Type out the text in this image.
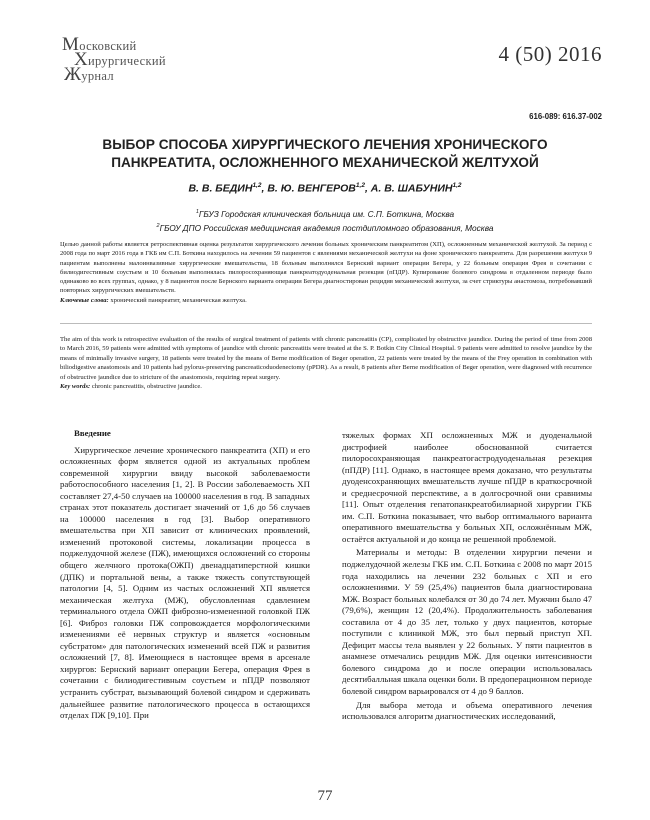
Московский
Хирургический
Журнал
4 (50) 2016
616-089: 616.37-002
ВЫБОР СПОСОБА ХИРУРГИЧЕСКОГО ЛЕЧЕНИЯ ХРОНИЧЕСКОГО ПАНКРЕАТИТА, ОСЛОЖНЕННОГО МЕХАНИЧЕСКОЙ ЖЕЛТУХОЙ
В. В. БЕДИН$^{1,2}$, В. Ю. ВЕНГЕРОВ$^{1,2}$, А. В. ШАБУНИН$^{1,2}$
$^1$ГБУЗ Городская клиническая больница им. С.П. Боткина, Москва
$^2$ГБОУ ДПО Российская медицинская академия постдипломного образования, Москва

Целью данной работы является ретроспективная оценка результатов хирургического лечения больных хроническим панкреатитом (ХП), осложненным механической желтухой. За период с 2008 года по март 2016 года в ГКБ им С.П. Боткина находилось на лечении 59 пациентов с явлениями механической желтухи на фоне хронического панкреатита. Для разрешения желтухи 9 пациентам выполнены малоинвазивные хирургические вмешательства, 18 больным выполнялся Бернский вариант операции Бегера, у 22 больным операция Фрея в сочетании с билиодигестивным соустьем и 10 больным выполнялась пилоросохраняющая панкреатодуоденальная резекция (пПДР). Купирование болевого синдрома в отдаленном периоде было одинаково во всех группах, однако, у 8 пациентов после Бернского варианта операции Бегера диагностирован рецидив механической желтухи, за счет стриктуры анастомоза, потребовавший повторных хирургических вмешательств.
Ключевые слова: хронический панкреатит, механическая желтуха.

The aim of this work is retrospective evaluation of the results of surgical treatment of patients with chronic pancreatitis (CP), complicated by obstructive jaundice. During the period of time from 2008 to March 2016, 59 patients were admitted with symptoms of jaundice with chronic pancreatitis were treated at the S. P. Botkin City Clinical Hospital. 9 patients were admitted to resolve jaundice by the means of minimally invasive surgery, 18 patients were treated by the means of Berne modification of Beger operation, 22 patients were treated by the means of the Frey operation in combination with biliodigestive anastomosis and 10 patients had pylorus-preserving pancreaticoduodenectomy (pPDR). As a result, 8 patients after Berne modification of Beger operation, were diagnosed with recurrence of obstructive jaundice due to stricture of the anastomosis, requiring repeat surgery.
Key words: chronic pancreatitis, obstructive jaundice.

Введение

Хирургическое лечение хронического панкреатита (ХП) и его осложненных форм является одной из актуальных проблем современной хирургии ввиду высокой заболеваемости работоспособного населения [1, 2]. В России заболеваемость ХП составляет 27,4-50 случаев на 100000 населения в год. В западных странах этот показатель достигает значений от 1,6 до 56 случаев на 100000 населения в год [3]. Выбор оперативного вмешательства при ХП зависит от клинических проявлений, изменений протоковой системы, локализации процесса в поджелудочной железе (ПЖ), имеющихся осложнений со стороны общего желчного протока(ОЖП) двенадцатиперстной кишки (ДПК) и портальной вены, а также тяжесть сопутствующей патологии [4, 5]. Одним из частых осложнений ХП является механическая желтуха (МЖ), обусловленная сдавлением терминального отдела ОЖП фиброзно-измененной головкой ПЖ [6]. Фиброз головки ПЖ сопровождается морфологическими изменениями её нервных структур и является «основным субстратом» для патологических изменений всей ПЖ и развития осложнений [7, 8]. Имеющиеся в настоящее время в арсенале хирургов: Бернский вариант операции Бегера, операция Фрея в сочетании с билиодигестивным соустьем и пПДР позволяют устранить субстрат, вызывающий болевой синдром и сдерживать дальнейшее развитие патологического процесса в остающихся отделах ПЖ [9,10]. При

тяжелых формах ХП осложненных МЖ и дуоденальной дистрофией наиболее обоснованной считается пилоросохраняющая панкреатогастродуоденальная резекция (пПДР) [11]. Однако, в настоящее время доказано, что результаты дуоденсохраняющих вмешательств лучше пПДР в краткосрочной и среднесрочной перспективе, а в долгосрочной они сравнимы [11]. Опыт отделения гепатопанкреатобилиарной хирургии ГКБ им. С.П. Боткина показывает, что выбор оптимального варианта оперативного вмешательства у больных ХП, осложнённым МЖ, остаётся актуальной и до конца не решенной проблемой.

Материалы и методы: В отделении хирургии печени и поджелудочной железы ГКБ им. С.П. Боткина с 2008 по март 2015 года находились на лечении 232 больных с ХП и его осложнениями. У 59 (25,4%) пациентов была диагностирована МЖ. Возраст больных колебался от 30 до 74 лет. Мужчин было 47 (79,6%), женщин 12 (20,4%). Продолжительность заболевания составила от 4 до 35 лет, только у двух пациентов, которые поступили с клиникой МЖ, это был первый приступ ХП. Дефицит массы тела выявлен у 22 больных. У пяти пациентов в анамнезе отмечались рецидив МЖ. Для оценки интенсивности болевого синдрома до и после операции использовалась десятибалльная шкала оценки боли. В предоперационном периоде болевой синдром варьировался от 4 до 9 баллов.

Для выбора метода и объема оперативного лечения использовался алгоритм диагностических исследований,

77
